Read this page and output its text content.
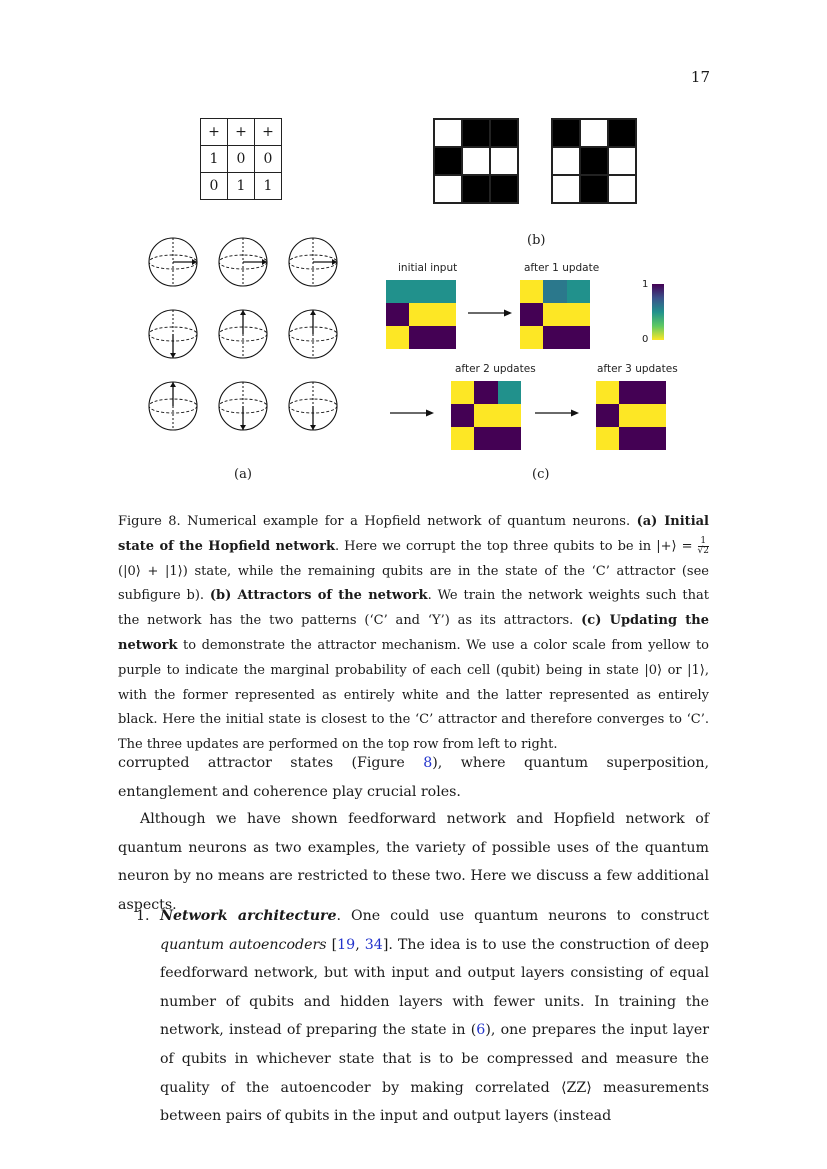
17
+	+	+
1	0	0
0	1	1
(b)
(a)
initial input	after 1 update
after 2 updates	after 3 updates
1
0
(c)
Figure 8. Numerical example for a Hopfield network of quantum neurons. (a) Initial state of the Hopfield network. Here we corrupt the top three qubits to be in |+⟩ = $\frac{1}{√2}$
(|0⟩ + |1⟩) state, while the remaining qubits are in the state of the ‘C’ attractor (see subfigure b). (b) Attractors of the network. We train the network weights such that the network has the two patterns (‘C’ and ‘Y’) as its attractors. (c) Updating the network to demonstrate the attractor mechanism. We use a color scale from yellow to purple to indicate the marginal probability of each cell (qubit) being in state |0⟩ or |1⟩, with the former represented as entirely white and the latter represented as entirely black. Here the initial state is closest to the ‘C’ attractor and therefore converges to ‘C’. The three updates are performed on the top row from left to right.
corrupted attractor states (Figure 8), where quantum superposition, entanglement and coherence play crucial roles.
Although we have shown feedforward network and Hopfield network of quantum neurons as two examples, the variety of possible uses of the quantum neuron by no means are restricted to these two. Here we discuss a few additional aspects.
1. Network architecture. One could use quantum neurons to construct quantum autoencoders [19, 34]. The idea is to use the construction of deep feedforward network, but with input and output layers consisting of equal number of qubits and hidden layers with fewer units. In training the network, instead of preparing the state in (6), one prepares the input layer of qubits in whichever state that is to be compressed and measure the quality of the autoencoder by making correlated ⟨ZZ⟩ measurements between pairs of qubits in the input and output layers (instead
